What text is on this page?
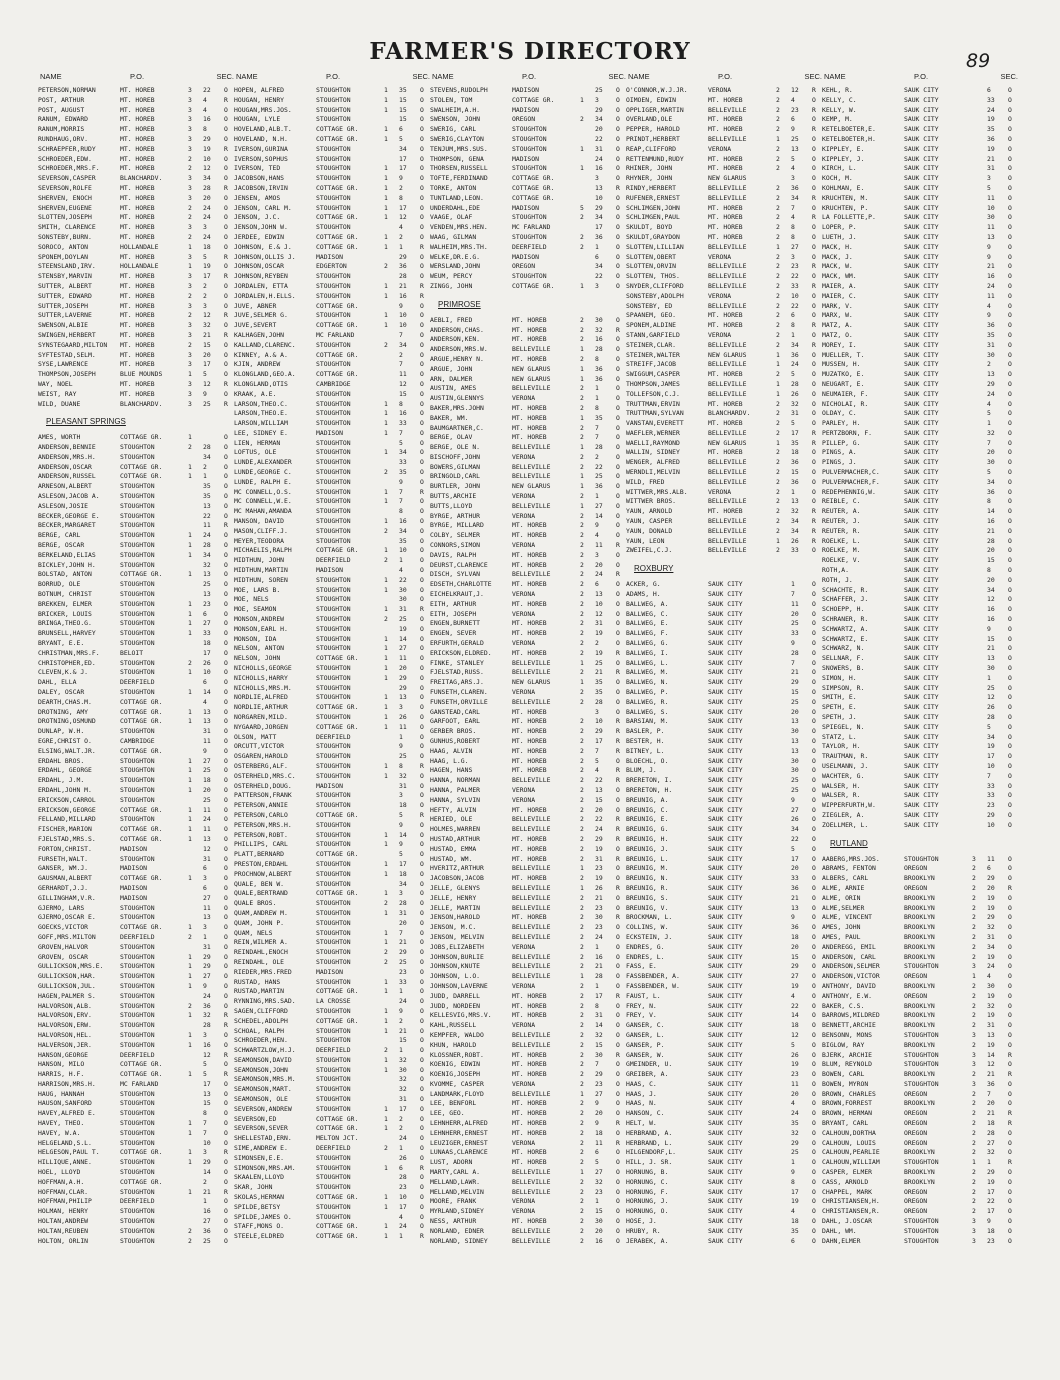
FARMER'S DIRECTORY	89
NAME	P.O.	SEC.
PETERSON,NORMAN	MT. HOREB	3 22 O
POST, ARTHUR	MT. HOREB	3 4	R
POST, AUGUST	MT. HOREB	3 4	O
RANUM, EDWARD	MT. HOREB	3 16 O
RANUM,MORRIS	MT. HOREB	3 8	O
RUNDHAUG,ORV.	MT. HOREB	3 29 O
SCHRAEPFER,RUDY	MT. HOREB	3 19 R
SCHROEDER,EDW.	MT. HOREB	2 10 O
SCHROEDER,MRS.F.	MT. HOREB	2 12 O
SEVERSON,CASPER	BLANCHARDV.	3 34 O
SEVERSON,ROLFE	MT. HOREB	3 28 R
SHERVEN, ENOCH	MT. HOREB	3 20 O
SHERVEN,EUGENE	MT. HOREB	2 24 O
SLOTTEN,JOSEPH	MT. HOREB	2 24 O
SMITH, CLARENCE	MT. HOREB	3 3	O
SONSTEBY,BURN.	MT. HOREB	2 24 O
SOROCO, ANTON	HOLLANDALE	1 18 O
SPONEM,DOYLAN	MT. HOREB	3 5	R
STEENSLAND,IRV.	HOLLANDALE	1 19 O
STENSBY,MARVIN	MT. HOREB	3 17 R
SUTTER, ALBERT	MT. HOREB	3 2	O
SUTTER, EDWARD	MT. HOREB	2 2	O
SUTTER,JOSEPH	MT. HOREB	3 3	O
SUTTER,LAVERNE	MT. HOREB	2 12 R
SWENSON,ALBIE	MT. HOREB	3 32 O
SWINGEN,HERBERT	MT. HOREB	3 21 R
SYNSTEGAARD,MILTON MT. HOREB	2 15 O
SYFTESTAD,SELM.	MT. HOREB	3 20 O
SYSE,LAWRENCE	MT. HOREB	3 17 O
THOMPSON,JOSEPH	BLUE MOUNDS	1 5	O
WAY, NOEL	MT. HOREB	3 12 R
WEIST, RAY	MT. HOREB	3 9	O
WILD, DUANE	BLANCHARDV.	3 25 R
PLEASANT SPRINGS
AMES, WORTH	COTTAGE GR.	1	O
ANDERSON,BENNIE	STOUGHTON	2 28 O
ANDERSON,MRS.H.	STOUGHTON	34 O
ANDERSON,OSCAR	COTTAGE GR.	1 2	O
ANDERSON,RUSSEL	COTTAGE GR.	1 1	O
ARNESON,ALBERT	STOUGHTON	35 O
ASLESON,JACOB A.	STOUGHTON	35 O
ASLESON,JOSIE	STOUGHTON	13 O
BECKER,GEORGE E.	STOUGHTON	22 O
BECKER,MARGARET	STOUGHTON	11 R
BERGE, CARL	STOUGHTON	1 24 O
BERGE, OSCAR	STOUGHTON	1 28 O
BERKELAND,ELIAS	STOUGHTON	1 34 O
BICKLEY,JOHN H.	STOUGHTON	32 O
BOLSTAD, ANTON	COTTAGE GR.	1 13 O
BORRUD, OLE	STOUGHTON	25 O
BOTNUM, CHRIST	STOUGHTON	13 O
BREKKEN, ELMER	STOUGHTON	1 23 O
BRICKER, LOUIS	STOUGHTON	1 6	O
BRINGA,THEO.G.	STOUGHTON	1 27 O
BRUNSELL,HARVEY	STOUGHTON	1 33 O
BRYANT, E.E.	STOUGHTON	18 O
CHRISTMAN,MRS.F.	BELOIT	17 O
CHRISTOPHER,ED.	STOUGHTON	2 26 O
CLEVEN,K.& J.	STOUGHTON	1 10 O
DAHL, ELLA	DEERFIELD	6	O
DALEY, OSCAR	STOUGHTON	1 14 O
DEARTH,CHAS.M.	COTTAGE GR.	4	O
DROTNING, AMY	COTTAGE GR.	1 13 O
DROTNING,OSMUND	COTTAGE GR.	1 13 O
DUNLAP, W.H.	STOUGHTON	31 O
EGRE,CHRIST O.	CAMBRIDGE	11 O
ELSING,WALT.JR.	COTTAGE GR.	9	O
ERDAHL BROS.	STOUGHTON	1 27 O
ERDAHL, GEORGE	STOUGHTON	1 25 O
ERDAHL, J.M.	STOUGHTON	1 18 O
ERDAHL,JOHN M.	STOUGHTON	1 20 O
ERICKSON,CARROL	STOUGHTON	25 O
ERICKSON,GEORGE	COTTAGE GR.	1 11 O
FELLAND,MILLARD	STOUGHTON	1 24 O
FISCHER,MARION	COTTAGE GR.	1 11 O
FJELSTAD,MRS.S.	COTTAGE GR.	1 13 O
FORTON,CHRIST.	MADISON	12 O
FURSETH,WALT.	STOUGHTON	31 O
GANSER, WM.J.	MADISON	6	O
GAUSMAN,ALBERT	COTTAGE GR.	1 3	O
GERHARDT,J.J.	MADISON	6	O
GILLINGHAM,V.R.	MADISON	27 O
GJERMO, LARS	STOUGHTON	11 O
GJERMO,OSCAR E.	STOUGHTON	13 O
GOECKS,VICTOR	COTTAGE GR.	1 3	O
GOFF,MRS.MILTON	DEERFIELD	2 1	O
GROVEN,HALVOR	STOUGHTON	31 O
GROVEN, OSCAR	STOUGHTON	1 29 O
GULLICKSON,MRS.E.	STOUGHTON	1 29 O
GULLICKSON,HAR.	STOUGHTON	1 27 O
GULLICKSON,JUL.	STOUGHTON	1 9	O
HAGEN,PALMER S.	STOUGHTON	24 O
HALVORSON,ALB.	STOUGHTON	2 36 O
HALVORSON,ERV.	STOUGHTON	1 32 R
HALVORSON,ERW.	STOUGHTON	28 R
HALVORSON,HEL.	STOUGHTON	1 3	O
HALVERSON,JER.	STOUGHTON	1 16 O
HANSON,GEORGE	DEERFIELD	12 R
HANSON, MILO	COTTAGE GR.	5	O
HARRIS, H.F.	COTTAGE GR.	1 5	R
HARRISON,MRS.H.	MC FARLAND	17 O
HAUG, HANNAH	STOUGHTON	13 O
HAUSON,SANFORD	STOUGHTON	15 O
HAVEY,ALFRED E.	STOUGHTON	8	O
HAVEY, THEO.	STOUGHTON	1 7	O
HAVEY, W.A.	STOUGHTON	1 7	O
HELGELAND,S.L.	STOUGHTON	10 O
HELGESON,PAUL T.	COTTAGE GR.	1 3	R
HILLIQUE,ANNE.	STOUGHTON	1 29 O
HOEL, LLOYD	STOUGHTON	14 O
HOFFMAN,A.H.	COTTAGE GR.	2	O
HOFFMAN,CLAR.	STOUGHTON	1 21 R
HOFFMAN,PHILIP	DEERFIELD	1	O
HOLMAN, HENRY	STOUGHTON	16 O
HOLTAN,ANDREW	STOUGHTON	27 O
HOLTAN,REUBEN	STOUGHTON	2 36 O
HOLTON, ORLIN	STOUGHTON	2 25 O
NAME	P.O.	SEC.
HOPEN, ALFRED	STOUGHTON	1 35 O
HOUGAN, HENRY	STOUGHTON	1 15 O
HOUGAN,MRS.JOS.	STOUGHTON	1 15 O
HOUGAN, LYLE	STOUGHTON	15 O
HOVELAND,ALB.T.	COTTAGE GR.	1 6	O
HOVELAND, N.H.	COTTAGE GR.	1 5	O
IVERSON,GURINA	STOUGHTON	34 O
IVERSON,SOPHUS	STOUGHTON	17 O
IVERSON, TED	STOUGHTON	1 17 O
JACOBSON,HANS	STOUGHTON	1 9	O
JACOBSON,IRVIN	COTTAGE GR.	1 2	O
JENSEN, AMOS	STOUGHTON	1 8	O
JENSON, CARL M.	STOUGHTON	1 17 O
JENSON, J.C.	COTTAGE GR.	1 12 O
JENSON,JOHN W.	STOUGHTON	4	O
JERDEE, EDWIN	COTTAGE GR.	1 2	O
JOHNSON, E.& J.	COTTAGE GR.	1 1	R
JOHNSON,OLLIS J.	MADISON	29 O
JOHNSON,OSCAR	EDGERTON	2 36 O
JOHNSON,REYBEN	STOUGHTON	28 O
JORDALEN, ETTA	STOUGHTON	1 21 R
JORDALEN,H.ELLS.	STOUGHTON	1 16 R
JUVE, ABNER	COTTAGE GR.	9	O
JUVE,SELMER G.	STOUGHTON	1 10 O
JUVE,SEVERT	COTTAGE GR.	1 10 O
KALHAGEN,JOHN	MC FARLAND	7	O
KALLAND,CLARENC.	STOUGHTON	2 34 O
KINNEY, A.& A.	COTTAGE GR.	2	O
KJIN, ANDREW	STOUGHTON	7	O
KLONGLAND,GEO.A.	COTTAGE GR.	11 O
KLONGLAND,OTIS	CAMBRIDGE	12 O
KRAAK, A.E.	STOUGHTON	15 O
LARSON,THEO.C.	STOUGHTON	1 8	O
LARSON,THEO.E.	STOUGHTON	1 16 O
LARSON,WILLIAM	STOUGHTON	1 33 O
LEE, SIDNEY E.	MADISON	1 7	O
LIEN, HERMAN	STOUGHTON	5	O
LOFTUS, OLE	STOUGHTON	1 34 O
LUNDE,ALEXANDER	STOUGHTON	33 O
LUNDE,GEORGE C.	STOUGHTON	2 35 O
LUNDE, RALPH E.	STOUGHTON	9	O
MC CONNELL,O.S.	STOUGHTON	1 7	R
MC CONNELL,W.E.	STOUGHTON	1 7	O
MC MAHAN,AMANDA	STOUGHTON	8	O
MANSON, DAVID	STOUGHTON	1 16 O
MASON,CLIFF.J.	STOUGHTON	2 34 O
MEYER,TEODORA	STOUGHTON	35 O
MICHAELIS,RALPH	COTTAGE GR.	1 10 O
MIDTHUN, JOHN	DEERFIELD	2 1	O
MIDTHUN,MARTIN	MADISON	4	O
MIDTHUN, SOREN	STOUGHTON	1 22 O
MOE, LARS B.	STOUGHTON	1 30 O
MOE, NELS	STOUGHTON	30 O
MOE, SEAMON	STOUGHTON	1 31 R
MONSON,ANDREW	STOUGHTON	2 25 O
MONSON,EARL H.	STOUGHTON	19 O
MONSON, IDA	STOUGHTON	1 14 O
NELSON, ANTON	STOUGHTON	1 27 O
NELSON, JOHN	COTTAGE GR.	1 11 O
NICHOLLS,GEORGE	STOUGHTON	1 20 O
NICHOLLS,HARRY	STOUGHTON	1 29 O
NICHOLLS,MRS.M.	STOUGHTON	29 O
NORDLIE,ALFRED	STOUGHTON	1 13 O
NORDLIE,ARTHUR	COTTAGE GR.	1 3	O
NORGAREN,MILD.	STOUGHTON	1 26 O
NYGAARD,JORGEN	COTTAGE GR.	1 11 O
OLSON, MATT	DEERFIELD	1	O
ORCUTT,VICTOR	STOUGHTON	9	O
OSGAREN,HAROLD	STOUGHTON	25 O
OSTERBERG,ALF.	STOUGHTON	1 8	R
OSTERHELD,MRS.C.	STOUGHTON	1 32 O
OSTERHELD,DOUG.	MADISON	31 O
PATTERSON,FRANK	STOUGHTON	3	O
PETERSON,ANNIE	STOUGHTON	18 O
PETERSON,CARLO	COTTAGE GR.	5	R
PETERSON,MRS.H.	STOUGHTON	9	O
PETERSON,ROBT.	STOUGHTON	1 14 O
PHILLIPS, CARL	STOUGHTON	1 9	O
PLATT,BERNARD	COTTAGE GR.	5	O
PRESTON,ERDAHL	STOUGHTON	1 17 O
PROCHNOW,ALBERT	STOUGHTON	1 18 O
QUALE, BEN W.	STOUGHTON	34 O
QUALE,BERTRAND	COTTAGE GR.	1 3	O
QUALE BROS.	STOUGHTON	2 28 O
QUAM,ANDREW M.	STOUGHTON	1 31 O
QUAM, JOHN P.	STOUGHTON	20 O
QUAM, NELS	STOUGHTON	1 7	O
REIN,WILMER A.	STOUGHTON	1 21 O
REINDAHL,ENOCH	STOUGHTON	2 29 O
REINDAHL, OLE	STOUGHTON	2 25 O
RIEDER,MRS.FRED	MADISON	23 O
RUSTAD, HANS	STOUGHTON	1 33 O
RUSTAD,MARTIN	COTTAGE GR.	1 1	O
RYNNING,MRS.SAD.	LA CROSSE	24 O
SAGEN,CLIFFORD	STOUGHTON	1 9	O
SCHEDEL,ADOLPH	COTTAGE GR.	1 2	O
SCHOAL, RALPH	STOUGHTON	1 21 O
SCHROEDER,HEN.	STOUGHTON	15 O
SCHWARTZLOW,H.J.	DEERFIELD	2 1	O
SEAMONSON,DAVID	STOUGHTON	1 32 O
SEAMONSON,JOHN	STOUGHTON	1 30 O
SEAMONSON,MRS.M.	STOUGHTON	32 O
SEAMONSON,MART.	STOUGHTON	32 O
SEAMONSON, OLE	STOUGHTON	31 O
SEVERSON,ANDREW	STOUGHTON	1 17 O
SEVERSON,ED	COTTAGE GR.	1 2	O
SEVERSON,SEVER	COTTAGE GR.	1 2	O
SHELLESTAD,ERN.	MELTON JCT.	24 O
SIME,ANDREW E.	DEERFIELD	2 1	O
SIMONSEN,E.E.	STOUGHTON	26 O
SIMONSON,MRS.AM.	STOUGHTON	1 6	R
SKAALEN,LLOYD	STOUGHTON	28 O
SKAR, JOHN	STOUGHTON	23 O
SKOLAS,HERMAN	COTTAGE GR.	1 10 O
SPILDE,BETSY	STOUGHTON	1 17 O
SPILDE,JAMES O.	STOUGHTON	4	O
STAFF,MONS O.	COTTAGE GR.	1 24 O
STEELE,ELDRED	COTTAGE GR.	1 1	R
NAME	P.O.	SEC.
STEVENS,RUDOLPH	MADISON	25 O
STOLEN, TOM	COTTAGE GR.	1 3	O
SWALHEIM,A.H.	MADISON	29 O
SWENSON, JOHN	OREGON	2 34 O
SWERIG, CARL	STOUGHTON	20 O
SWERIG,CLAYTON	STOUGHTON	22 O
TENJUM,MRS.SUS.	STOUGHTON	1 31 O
THOMPSON, GENA	MADISON	24 O
THORSEN,RUSSELL	STOUGHTON	1 16 O
TOFTE,FERDINAND	COTTAGE GR.	3	O
TORKE, ANTON	COTTAGE GR.	13 R
TUNTLAND,LEON.	COTTAGE GR.	10 O
UNDERDAHL,EDE	MADISON	5 29 O
VAAGE, OLAF	STOUGHTON	2 34 O
VENDEN,MRS.HEN.	MC FARLAND	17 O
WAAG, GILMAN	STOUGHTON	2 36 O
WALHEIM,MRS.TH.	DEERFIELD	2 1	O
WELKE,DR.E.G.	MADISON	6	O
WERSLAND,JOHN	OREGON	34 O
WEUM, PERCY	STOUGHTON	22 O
ZINGG, JOHN	COTTAGE GR.	1 3	O
PRIMROSE
AEBLI, FRED	MT. HOREB	2 30 O
ANDERSON,CHAS.	MT. HOREB	2 32 R
ANDERSON,KEN.	MT. HOREB	2 16 O
ANDERSON,MRS.W.	BELLEVILLE	1 28 O
ARGUE,HENRY N.	MT. HOREB	2 8	O
ARGUE, JOHN	NEW GLARUS	1 36 O
ARN, DALMER	NEW GLARUS	1 36 O
AUSTIN, AMES	BELLEVILLE	2 1	O
AUSTIN,GLENNYS	VERONA	2 1	O
BAKER,MRS.JOHN	MT. HOREB	2 8	O
BAKER, WM.	MT. HOREB	1 35 O
BAUMGARTNER,C.	MT. HOREB	2 7	O
BERGE, OLAV	MT. HOREB	2 7	O
BERGE, OLE N.	BELLEVILLE	1 28 O
BISCHOFF,JOHN	VERONA	2 2	O
BOWERS,GILMAN	BELLEVILLE	2 22 O
BRINGOLD,CARL	BELLEVILLE	1 25 O
BURTLER, JOHN	NEW GLARUS	1 36 O
BUTTS,ARCHIE	VERONA	2 1	O
BUTTS,LLOYD	BELLEVILLE	1 27 O
BYRGE, ARTHUR	VERONA	2 14 O
BYRGE, MILLARD	MT. HOREB	2 9	O
COLBY, SELMER	MT. HOREB	2 4	O
CONNORS,SIMON	VERONA	2 11 R
DAVIS, RALPH	MT. HOREB	2 3	O
DEURST,CLARENCE	MT. HOREB	2 20 O
DISCH, SYLVAN	BELLEVILLE	2 24 R
EDSETH,CHARLOTTE	MT. HOREB	2 6	O
EICHELKRAUT,J.	VERONA	2 13 O
EITH, ARTHUR	MT. HOREB	2 10 O
EITH, JOSEPH	VERONA	2 12 O
ENGEN,BURNETT	MT. HOREB	2 31 O
ENGEN, SEVER	MT. HOREB	2 19 O
ERFURTH,GERALD	VERONA	2 2	O
ERICKSON,ELDRED.	MT. HOREB	2 19 R
FINKE, STANLEY	BELLEVILLE	1 25 O
FJELSTAD,RUSS.	BELLEVILLE	2 21 R
FREITAG,ARS.J.	NEW GLARUS	1 35 O
FUNSETH,CLAREN.	VERONA	2 35 O
FUNSETH,ORVILLE	BELLEVILLE	2 28 O
GANSTEAD,CARL	MT. HOREB	3	O
GARFOOT, EARL	MT. HOREB	2 10 R
GERBER BROS.	MT. HOREB	2 29 R
GUNHUS,ROBERT	MT. HOREB	2 17 R
HAAG, ALVIN	MT. HOREB	2 7	R
HAAG, L.G.	MT. HOREB	2 5	O
HAGEN, HANS	MT. HOREB	2 4	R
HANNA, NORMAN	BELLEVILLE	2 22 R
HANNA, PALMER	VERONA	2 13 O
HANNA, SYLVIN	VERONA	2 15 O
HEFTY, ALVIN	MT. HOREB	2 20 O
HERIED, OLE	BELLEVILLE	2 22 R
HOLMES,WARREN	BELLEVILLE	2 24 R
HUSTAD,ARTHUR	MT. HOREB	2 29 R
HUSTAD, EMMA	MT. HOREB	2 19 O
HUSTAD, WM.	MT. HOREB	2 31 R
HVERITZ,ARTHUR	BELLEVILLE	1 23 O
JACOBSON,JACOB	MT. HOREB	2 19 O
JELLE, GLENYS	BELLEVILLE	1 26 R
JELLE, HENRY	BELLEVILLE	2 21 O
JELLE, MARTIN	BELLEVILLE	2 23 O
JENSON,HAROLD	MT. HOREB	2 30 R
JENSON, M.C.	BELLEVILLE	2 23 O
JENSON, MELVIN	BELLEVILLE	2 24 O
JOBS,ELIZABETH	VERONA	2 1	O
JOHNSON,BURLIE	BELLEVILLE	2 16 O
JOHNSON,KNUTE	BELLEVILLE	2 21 O
JOHNSON, L.O.	BELLEVILLE	1 28 O
JOHNSON,LAVERNE	VERONA	2 1	O
JUDD, DARRELL	MT. HOREB	2 17 R
JUDD, NORDEEN	MT. HOREB	2 8	O
KELLESVIG,MRS.V.	MT. HOREB	2 31 O
KAHL,RUSSELL	VERONA	2 14 O
KEMPFER, WALDO	BELLEVILLE	2 32 O
KHUN, HAROLD	BELLEVILLE	2 15 O
KLOSSNER,ROBT.	MT. HOREB	2 30 R
KOENIG, EDWIN	MT. HOREB	2 7	O
KOENIG,JOSEPH	MT. HOREB	2 29 O
KVOMME, CASPER	VERONA	2 23 O
LANDMARK,FLOYD	BELLEVILLE	1 27 O
LEE, BENFORL	MT. HOREB	2 9	O
LEE, GEO.	MT. HOREB	2 20 O
LEHNHERR,ALFRED	MT. HOREB	2 9	R
LEHNHERR,ERNEST	MT. HOREB	2 18 O
LEUZIGER,ERNEST	VERONA	2 11 R
LUNAAS,CLARENCE	MT. HOREB	2 6	O
LUST, ADORN	MT. HOREB	2 5	O
MARTY,CARL A.	BELLEVILLE	1 27 O
MELLAND,LAWR.	BELLEVILLE	2 32 O
MELLAND,MELVIN	BELLEVILLE	2 23 O
MOORE, FRANK	VERONA	2 1	O
MYRLAND,SIDNEY	VERONA	2 15 O
NESS, ARTHUR	MT. HOREB	2 30 O
NORLAND, EDNER	BELLEVILLE	2 20 O
NORLAND, SIDNEY	BELLEVILLE	2 16 O
NAME	P.O.	SEC.
O'CONNOR,W.J.JR.	VERONA	2 12 R
OIMOEN, EDWIN	MT. HOREB	2 4	O
OPPLIGER,MARTIN	BELLEVILLE	2 23 R
OVERLAND,OLE	MT. HOREB	2 6	O
PEPPER, HAROLD	MT. HOREB	2 9	R
PRINDT,HERBERT	BELLEVILLE	1 25 O
REAP,CLIFFORD	VERONA	2 13 O
RETTENMUND,RUDY	MT. HOREB	2 5	O
RHINER, JOHN	MT. HOREB	2 4	O
RHYNER, JOHN	NEW GLARUS	3	O
RINDY,HERBERT	BELLEVILLE	2 36 O
RUFENER,ERNEST	BELLEVILLE	2 34 R
SCHLIMGEN,JOHN	MT. HOREB	2 7	O
SCHLIMGEN,PAUL	MT. HOREB	2 4	R
SKULDT, BOYD	MT. HOREB	2 8	O
SKULDT,GRAYDON	MT. HOREB	2 8	O
SLOTTEN,LILLIAN	BELLEVILLE	1 27 O
SLOTTEN,OBERT	VERONA	2 3	O
SLOTTEN,ORVIN	BELLEVILLE	2 23 R
SLOTTEN, THOS.	BELLEVILLE	2 22 O
SNYDER,CLIFFORD	BELLEVILLE	2 33 R
SONSTEBY,ADOLPH	VERONA	2 10 O
SONSTEBY, ED	BELLEVILLE	2 22 O
SPAANEM, GEO.	MT. HOREB	2 6	O
SPONEM,ALDINE	MT. HOREB	2 8	R
STANN,GARFIELD	VERONA	2 1	O
STEINER,CLAR.	BELLEVILLE	2 34 R
STEINER,WALTER	NEW GLARUS	1 36 O
STREIFF,JACOB	BELLEVILLE	1 24 O
SWIGGUM,CASPER	MT. HOREB	2 5	O
THOMPSON,JAMES	BELLEVILLE	1 28 O
TOLLEFSON,C.J.	BELLEVILLE	1 26 O
TRUTTMAN,ERVIN	MT. HOREB	2 32 O
TRUTTMAN,SYLVAN	BLANCHARDV.	2 31 O
VANSTAN,EVERETT	MT. HOREB	2 5	O
WAEFLER,WERNER	BELLEVILLE	2 17 R
WAELLI,RAYMOND	NEW GLARUS	1 35 R
WALLIN, SIDNEY	MT. HOREB	2 18 O
WENGER, ALFRED	BELLEVILLE	2 36 O
WERNDLI,MELVIN	BELLEVILLE	2 15 O
WILD, FRED	BELLEVILLE	2 36 O
WITTWER,MRS.ALB.	VERONA	2 1	O
WITTWER BROS.	BELLEVILLE	2 13 O
YAUN, ARNOLD	MT. HOREB	2 32 R
YAUN, CASPER	BELLEVILLE	2 34 R
YAUN, DONALD	BELLEVILLE	2 34 R
YAUN, LEON	BELLEVILLE	1 26 R
ZWEIFEL,C.J.	BELLEVILLE	2 33 O
ROXBURY
ACKER, G.	SAUK CITY	1	O
ADAMS, H.	SAUK CITY	7	O
BALLWEG, A.	SAUK CITY	11 O
BALLWEG, C.	SAUK CITY	20 O
BALLWEG, E.	SAUK CITY	25 O
BALLWEG, F.	SAUK CITY	33 O
BALLWEG, G.	SAUK CITY	9	O
BALLWEG, I.	SAUK CITY	28 O
BALLWEG, L.	SAUK CITY	7	O
BALLWEG, M.	SAUK CITY	21 O
BALLWEG, N.	SAUK CITY	29 O
BALLWEG, P.	SAUK CITY	15 O
BALLWEG, R.	SAUK CITY	25 O
BALLWEG, S.	SAUK CITY	20 O
BARSIAN, M.	SAUK CITY	13 O
BASLER, P.	SAUK CITY	30 O
BESTER, H.	SAUK CITY	13 O
BITNEY, L.	SAUK CITY	13 O
BLOECHL, O.	SAUK CITY	30 O
BLUM, J.	SAUK CITY	30 O
BRERETON, I.	SAUK CITY	25 O
BRERETON, H.	SAUK CITY	25 O
BREUNIG, A.	SAUK CITY	9	O
BREUNIG, C.	SAUK CITY	27 O
BREUNIG, E.	SAUK CITY	26 O
BREUNIG, G.	SAUK CITY	34 O
BREUNIG, H.	SAUK CITY	22 O
BREUNIG, J.	SAUK CITY	5	O
BREUNIG, L.	SAUK CITY	17 O
BREUNIG, M.	SAUK CITY	20 O
BREUNIG, N.	SAUK CITY	33 O
BREUNIG, R.	SAUK CITY	36 O
BREUNIG, S.	SAUK CITY	21 O
BREUNIG, V.	SAUK CITY	13 O
BROCKMAN, L.	SAUK CITY	9	O
COLLINS, W.	SAUK CITY	36 O
ECKSTEIN, J.	SAUK CITY	18 O
ENDRES, G.	SAUK CITY	20 O
ENDRES, L.	SAUK CITY	15 O
FASS, E.	SAUK CITY	29 O
FASSBENDER, A.	SAUK CITY	27 O
FASSBENDER, W.	SAUK CITY	19 O
FAUST, L.	SAUK CITY	4	O
FREY, N.	SAUK CITY	22 O
FREY, V.	SAUK CITY	14 O
GANSER, C.	SAUK CITY	18 O
GANSER, L.	SAUK CITY	12 O
GANSER, P.	SAUK CITY	5	O
GANSER, W.	SAUK CITY	26 O
GMEINDER, U.	SAUK CITY	19 O
GREIBER, A.	SAUK CITY	23 O
HAAS, C.	SAUK CITY	11 O
HAAS, J.	SAUK CITY	20 O
HAAS, N.	SAUK CITY	4	O
HANSON, C.	SAUK CITY	24 O
HELT, W.	SAUK CITY	35 O
HERBRAND, A.	SAUK CITY	32 O
HERBRAND, L.	SAUK CITY	29 O
HILGENDORF,L.	SAUK CITY	25 O
HILL, J. SR.	SAUK CITY	1	O
HORNUNG, B.	SAUK CITY	9	O
HORNUNG, C.	SAUK CITY	8	O
HORNUNG, F.	SAUK CITY	17 O
HORNUNG, J.	SAUK CITY	19 O
HORNUNG, O.	SAUK CITY	4	O
HOSE, J.	SAUK CITY	18 O
HRUBY, R.	SAUK CITY	35 O
JERABEK, A.	SAUK CITY	6	O
NAME	P.O.	SEC.
KEHL, R.	SAUK CITY	6	O
KELLY, C.	SAUK CITY	33 O
KELLY, W.	SAUK CITY	24 O
KEMP, M.	SAUK CITY	19 O
KETELBOETER,E.	SAUK CITY	35 O
KETELBOETER,H.	SAUK CITY	36 O
KIPPLEY, E.	SAUK CITY	19 O
KIPPLEY, J.	SAUK CITY	21 O
KIRCH, L.	SAUK CITY	31 O
KOCH, M.	SAUK CITY	3	O
KOHLMAN, E.	SAUK CITY	5	O
KRUCHTEN, M.	SAUK CITY	11 O
KRUCHTEN, P.	SAUK CITY	10 O
LA FOLLETTE,P.	SAUK CITY	30 O
LOPER, P.	SAUK CITY	11 O
LUETH, J.	SAUK CITY	13 O
MACK, H.	SAUK CITY	9	O
MACK, J.	SAUK CITY	9	O
MACK, W.	SAUK CITY	21 O
MACK, WM.	SAUK CITY	16 O
MAIER, A.	SAUK CITY	24 O
MAIER, C.	SAUK CITY	11 O
MARK, V.	SAUK CITY	4	O
MARX, W.	SAUK CITY	9	O
MATZ, A.	SAUK CITY	36 O
MATZ, O.	SAUK CITY	35 O
MOREY, I.	SAUK CITY	31 O
MUELLER, T.	SAUK CITY	30 O
MUSSEN, H.	SAUK CITY	2	O
MUZATKO, E.	SAUK CITY	13 O
NEUGART, E.	SAUK CITY	29 O
NEUMAIER, F.	SAUK CITY	24 O
NICHOLAI, R.	SAUK CITY	4	O
OLDAY, C.	SAUK CITY	5	O
PARLEY, H.	SAUK CITY	1	O
PERTZBORN, F.	SAUK CITY	32 O
PILLEP, G.	SAUK CITY	7	O
PINGS, A.	SAUK CITY	20 O
PINGS, J.	SAUK CITY	30 O
PULVERMACHER,C.	SAUK CITY	5	O
PULVERMACHER,F.	SAUK CITY	34 O
REDEPHENNIG,W.	SAUK CITY	36 O
REIBLE, C.	SAUK CITY	8	O
REUTER, A.	SAUK CITY	14 O
REUTER, J.	SAUK CITY	16 O
REUTER, R.	SAUK CITY	21 O
ROELKE, L.	SAUK CITY	28 O
ROELKE, M.	SAUK CITY	20 O
ROELKE, V.	SAUK CITY	15 O
ROTH,A.	SAUK CITY	8	O
ROTH, J.	SAUK CITY	20 O
SCHACHTE, R.	SAUK CITY	34 O
SCHAFFER, J.	SAUK CITY	12 O
SCHOEPP, H.	SAUK CITY	16 O
SCHRANER, R.	SAUK CITY	16 O
SCHWARTZ, A.	SAUK CITY	9	O
SCHWARTZ, E.	SAUK CITY	15 O
SCHWARZ, N.	SAUK CITY	21 O
SELLNAR, F.	SAUK CITY	13 O
SNOWERS, B.	SAUK CITY	30 O
SIMON, H.	SAUK CITY	1	O
SIMPSON, R.	SAUK CITY	25 O
SMITH, E.	SAUK CITY	12 O
SPETH, E.	SAUK CITY	26 O
SPETH, J.	SAUK CITY	28 O
SPIEGEL, N.	SAUK CITY	5	O
STATZ, L.	SAUK CITY	34 O
TAYLOR, H.	SAUK CITY	19 O
TRAUTMAN, R.	SAUK CITY	17 O
USELMANN, J.	SAUK CITY	10 O
WACHTER, G.	SAUK CITY	7	O
WALSER, H.	SAUK CITY	33 O
WALSER, R.	SAUK CITY	33 O
WIPPERFURTH,W.	SAUK CITY	23 O
ZIEGLER, A.	SAUK CITY	29 O
ZOELLMER, L.	SAUK CITY	10 O
RUTLAND
AABERG,MRS.JOS.	STOUGHTON	3 11 O
ABRAMS, FENTON	OREGON	2 6	O
ALBERS, CARL	BROOKLYN	2 29 O
ALME, ARNIE	OREGON	2 20 R
ALME, ORIN	BROOKLYN	2 19 O
ALME,SELMER	BROOKLYN	2 19 O
ALME, VINCENT	BROOKLYN	2 29 O
AMES, JOHN	BROOKLYN	2 32 O
AMES, PAUL	BROOKLYN	2 31 O
ANDEREGG, EMIL	BROOKLYN	2 34 O
ANDERSON, CARL	BROOKLYN	2 19 O
ANDERSON,SELMER	STOUGHTON	3 24 O
ANDERSON,VICTOR	OREGON	1 4	O
ANTHONY, DAVID	BROOKLYN	2 30 O
ANTHONY, E.W.	OREGON	2 19 O
BAKER, C.S.	BROOKLYN	2 32 O
BARROWS,MILDRED	BROOKLYN	2 19 O
BENNETT,ARCHIE	BROOKLYN	2 31 O
BENSONN, MONS	STOUGHTON	3 13 O
BIGLOW, RAY	BROOKLYN	2 19 O
BJERK, ARCHIE	STOUGHTON	3 14 R
BLUM, REYNOLD	STOUGHTON	3 12 O
BOWEN, CARL	BROOKLYN	2 21 R
BOWEN, MYRON	STOUGHTON	3 36 O
BROWN, CHARLES	OREGON	2 7	O
BROWN,FORREST	BROOKLYN	2 20 O
BROWN, HERMAN	OREGON	2 21 R
BRYANT, CARL	OREGON	2 18 R
CALHOUN,DORTHA	OREGON	2 28 O
CALHOUN, LOUIS	OREGON	2 27 O
CALHOUN,PEARLIE	BROOKLYN	2 32 O
CALHOUN,WILLIAM	STOUGHTON	1 1	R
CASPER, ELMER	BROOKLYN	2 29 O
CASS, ARNOLD	BROOKLYN	2 19 O
CHAPPEL, MARK	OREGON	2 17 O
CHRISTIANSEN,H.	OREGON	2 22 O
CHRISTIANSEN,R.	OREGON	2 17 O
DAHL, J.OSCAR	STOUGHTON	3 9	O
DAHL, WM.	STOUGHTON	3 18 O
DAHN,ELMER	STOUGHTON	3 23 O
